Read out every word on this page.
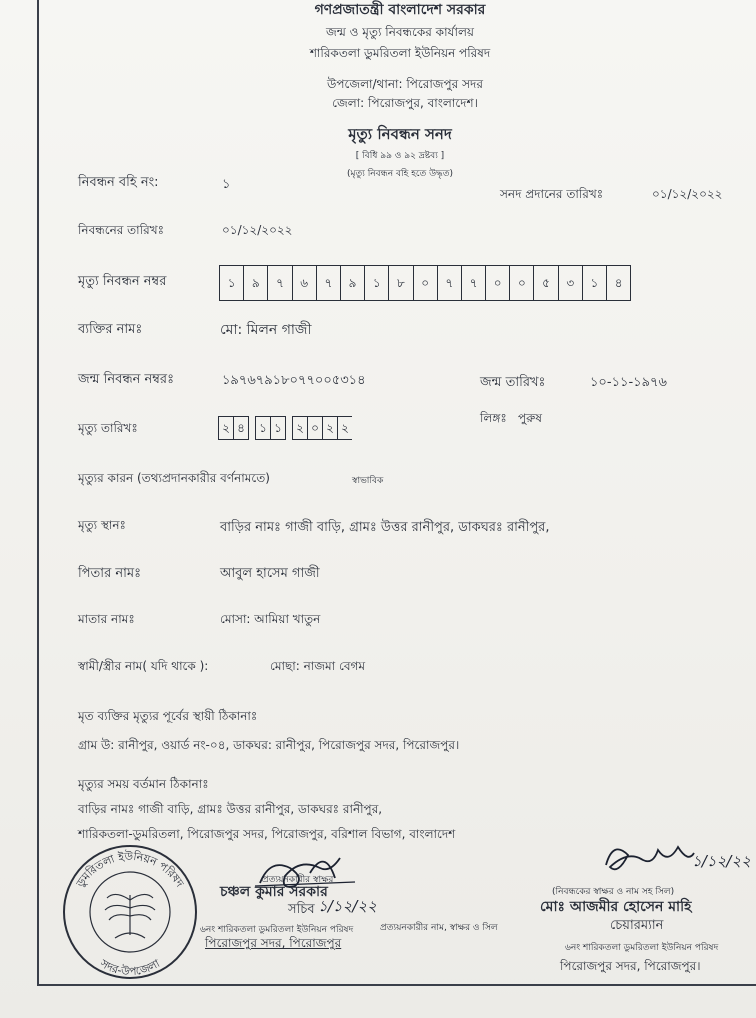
গণপ্রজাতন্ত্রী বাংলাদেশ সরকার
জন্ম ও মৃত্যু নিবন্ধকের কার্যালয়
শারিকতলা ডুমরিতলা ইউনিয়ন পরিষদ
উপজেলা/থানা: পিরোজপুর সদর
জেলা: পিরোজপুর, বাংলাদেশ।
মৃত্যু নিবন্ধন সনদ
[ বিধি ৯৯ ও ৯২ দ্রষ্টব্য ]
(মৃত্যু নিবন্ধন বহি হতে উদ্ধৃত)
নিবন্ধন বহি নং:	১
সনদ প্রদানের তারিখঃ	০১/১২/২০২২
নিবন্ধনের তারিখঃ	০১/১২/২০২২
মৃত্যু নিবন্ধন নম্বর	১	৯	৭	৬	৭	৯	১	৮	০	৭	৭	০	০	৫	৩	১	৪
ব্যক্তির নামঃ	মো: মিলন গাজী
জন্ম নিবন্ধন নম্বরঃ	১৯৭৬৭৯১৮০৭৭০০৫৩১৪	জন্ম তারিখঃ	১০-১১-১৯৭৬
মৃত্যু তারিখঃ	২ ৪	১ ১	২ ০ ২ ২
লিঙ্গঃ পুরুষ
মৃত্যুর কারন (তথ্যপ্রদানকারীর বর্ণনামতে)	স্বাভাবিক
মৃত্যু স্থানঃ	বাড়ির নামঃ গাজী বাড়ি, গ্রামঃ উত্তর রানীপুর, ডাকঘরঃ রানীপুর,
পিতার নামঃ	আবুল হাসেম গাজী
মাতার নামঃ	মোসা: আমিয়া খাতুন
স্বামী/স্ত্রীর নাম( যদি থাকে ):	মোছা: নাজমা বেগম
মৃত ব্যক্তির মৃত্যুর পূর্বের স্থায়ী ঠিকানাঃ
গ্রাম উ: রানীপুর, ওয়ার্ড নং-০৪, ডাকঘর: রানীপুর, পিরোজপুর সদর, পিরোজপুর।
মৃত্যুর সময় বর্তমান ঠিকানাঃ
বাড়ির নামঃ গাজী বাড়ি, গ্রামঃ উত্তর রানীপুর, ডাকঘরঃ রানীপুর,
শারিকতলা-ডুমরিতলা, পিরোজপুর সদর, পিরোজপুর, বরিশাল বিভাগ, বাংলাদেশ
ডুমরিতলা ইউনিয়ন পরিষদ
সদর-উপজেলা
প্রত্যয়নকারীর স্বাক্ষর
চঞ্চল কুমার সরকার
সচিব ১/১২/২২
৬নং শারিকতলা ডুমরিতলা ইউনিয়ন পরিষদ	প্রত্যয়নকারীর নাম, স্বাক্ষর ও সিল
পিরোজপুর সদর, পিরোজপুর
১/১২/২২
(নিবন্ধকের স্বাক্ষর ও নাম সহ সিল)
মোঃ আজমীর হোসেন মাহি
চেয়ারম্যান
৬নং শারিকতলা ডুমরিতলা ইউনিয়ন পরিষদ
পিরোজপুর সদর, পিরোজপুর।
